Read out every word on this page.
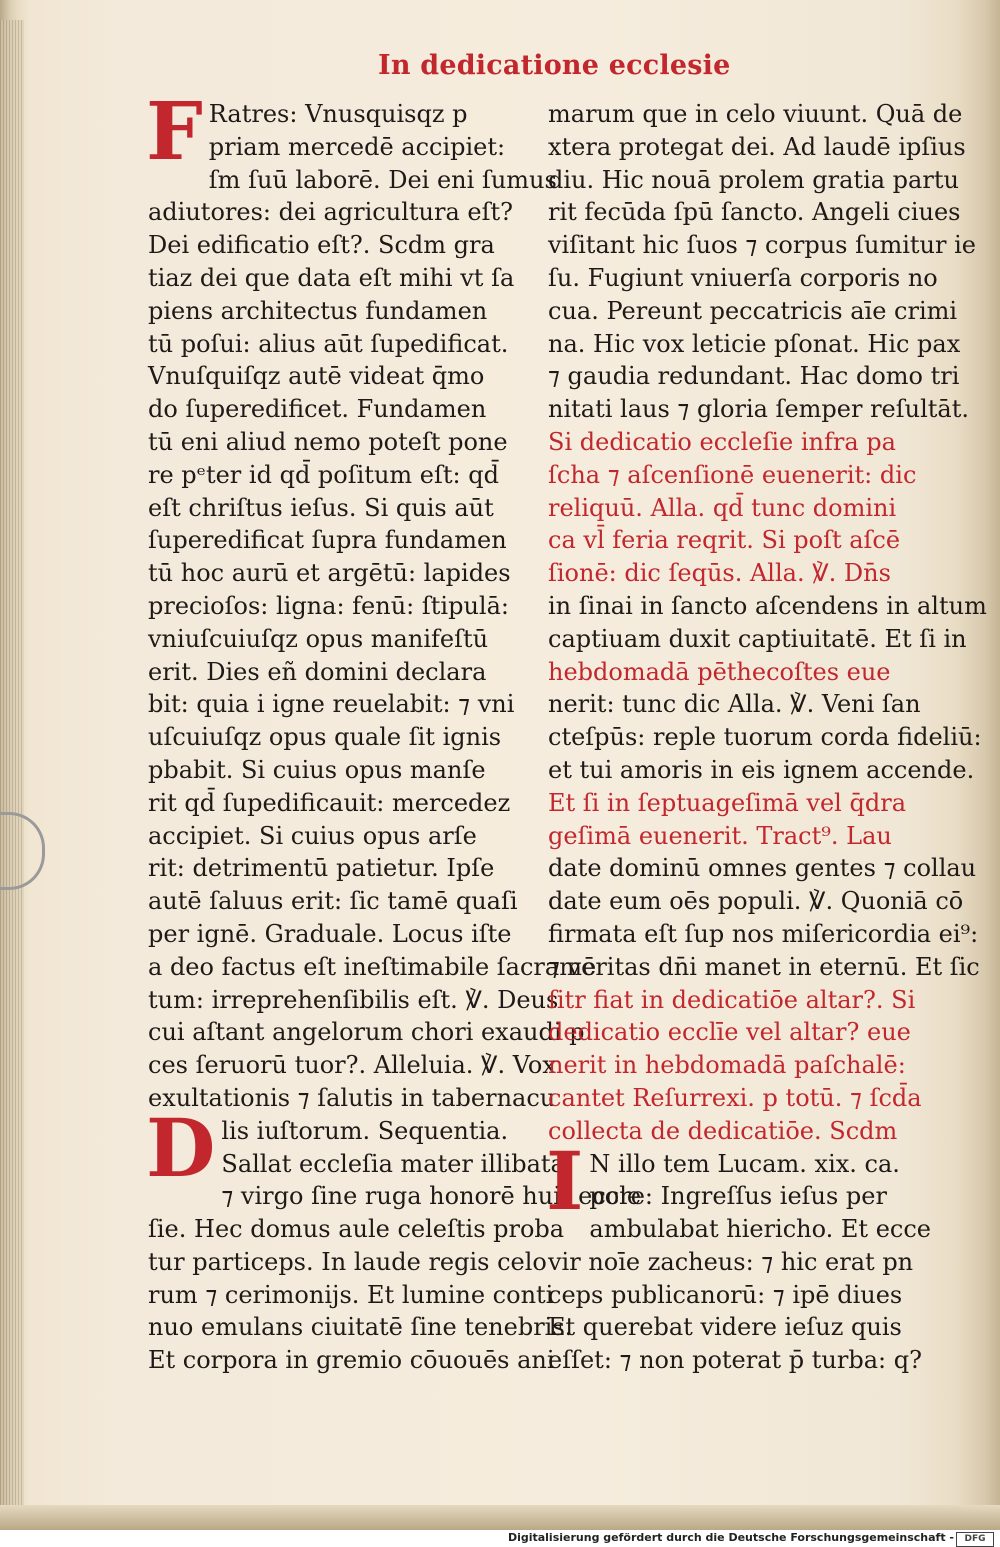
In dedicatione ecclesie
F Ratres: Vnusquisqz p
priam mercedē accipiet:
ſm ſuū laborē. Dei eni ſumus
adiutores: dei agricultura eſt?
Dei edificatio eſt?. Scdm gra
tiaz dei que data eſt mihi vt ſa
piens architectus fundamen
tū poſui: alius aūt ſupedificat.
Vnuſquiſqz autē videat q̄mo
do ſuperedificet. Fundamen
tū eni aliud nemo poteſt pone
re pᵉter id qd̄ poſitum eſt: qd̄
eſt chriſtus ieſus. Si quis aūt
ſuperedificat ſupra fundamen
tū hoc aurū et argētū: lapides
precioſos: ligna: fenū: ſtipulā:
vniuſcuiuſqz opus manifeſtū
erit. Dies eñ domini declara
bit: quia i igne reuelabit: ⁊ vni
uſcuiuſqz opus quale ſit ignis
pbabit. Si cuius opus manſe
rit qd̄ ſupedificauit: mercedez
accipiet. Si cuius opus arſe
rit: detrimentū patietur. Ipſe
autē ſaluus erit: ſic tamē quaſi
per ignē. Graduale. Locus iſte
a deo factus eſt ineſtimabile ſacramē
tum: irreprehenſibilis eſt. ℣. Deus
cui aſtant angelorum chori exaudi p
ces ſeruorū tuor?. Alleluia. ℣. Vox
exultationis ⁊ ſalutis in tabernacu
Dlis iuſtorum. Sequentia.
Sallat eccleſia mater illibata:
⁊ virgo ſine ruga honorē hui⁹ eccle
ſie. Hec domus aule celeſtis proba
tur particeps. In laude regis celo
rum ⁊ cerimonijs. Et lumine conti
nuo emulans ciuitatē ſine tenebris.
Et corpora in gremio cōuouēs ani
marum que in celo viuunt. Quā de
xtera protegat dei. Ad laudē ipſius
diu. Hic nouā prolem gratia partu
rit fecūda ſpū ſancto. Angeli ciues
viſitant hic ſuos ⁊ corpus ſumitur ie
ſu. Fugiunt vniuerſa corporis no
cua. Pereunt peccatricis aīe crimi
na. Hic vox leticie pſonat. Hic pax
⁊ gaudia redundant. Hac domo tri
nitati laus ⁊ gloria ſemper reſultāt.
Si dedicatio eccleſie infra pa
ſcha ⁊ aſcenſionē euenerit: dic
reliquū. Alla. qd̄ tunc domini
ca vl̄ feria reqrit. Si poſt aſcē
ſionē: dic ſeqūs. Alla. ℣. Dn̄s
in ſinai in ſancto aſcendens in altum
captiuam duxit captiuitatē. Et ſi in
hebdomadā pēthecoſtes eue
nerit: tunc dic Alla. ℣. Veni ſan
cteſpūs: reple tuorum corda fideliū:
et tui amoris in eis ignem accende.
Et ſi in ſeptuageſimā vel q̄dra
geſimā euenerit. Tract⁹. Lau
date dominū omnes gentes ⁊ collau
date eum oēs populi. ℣. Quoniā cō
firmata eſt ſup nos miſericordia ei⁹:
⁊ veritas dn̄i manet in eternū. Et ſic
ſitr fiat in dedicatiōe altar?. Si
dedicatio ecclīe vel altar? eue
nerit in hebdomadā paſchalē:
cantet Reſurrexi. p totū. ⁊ ſcd̄a
collecta de dedicatiōe. Scdm
I N illo tem Lucam. xix. ca.
pore: Ingreſſus ieſus per
ambulabat hiericho. Et ecce
vir noīe zacheus: ⁊ hic erat pn
ceps publicanorū: ⁊ ipē diues
Et querebat videre ieſuz quis
eſſet: ⁊ non poterat p̄ turba: q?
Digitalisierung gefördert durch die Deutsche Forschungsgemeinschaft -	DFG
